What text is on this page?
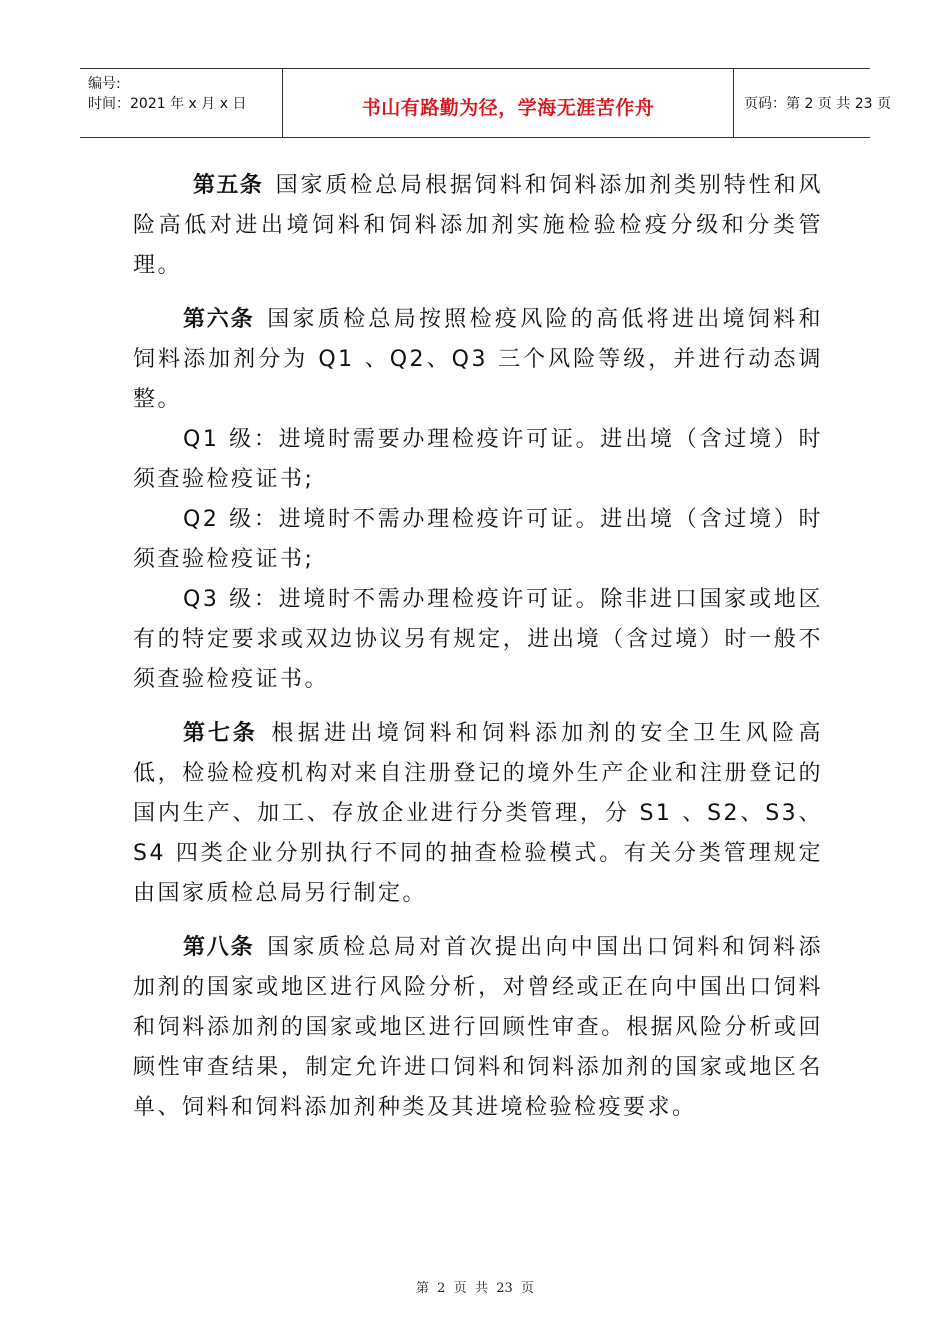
编号:
时间：2021 年 x 月 x 日	书山有路勤为径，学海无涯苦作舟	页码：第 2 页 共 23 页

第五条 国家质检总局根据饲料和饲料添加剂类别特性和风险高低对进出境饲料和饲料添加剂实施检验检疫分级和分类管理。

第六条 国家质检总局按照检疫风险的高低将进出境饲料和饲料添加剂分为 Q1 、Q2、Q3 三个风险等级，并进行动态调整。

Q1 级：进境时需要办理检疫许可证。进出境（含过境）时须查验检疫证书;

Q2 级：进境时不需办理检疫许可证。进出境（含过境）时须查验检疫证书;

Q3 级：进境时不需办理检疫许可证。除非进口国家或地区有的特定要求或双边协议另有规定，进出境（含过境）时一般不须查验检疫证书。

第七条 根据进出境饲料和饲料添加剂的安全卫生风险高低，检验检疫机构对来自注册登记的境外生产企业和注册登记的国内生产、加工、存放企业进行分类管理，分 S1 、S2、S3、S4 四类企业分别执行不同的抽查检验模式。有关分类管理规定由国家质检总局另行制定。

第八条 国家质检总局对首次提出向中国出口饲料和饲料添加剂的国家或地区进行风险分析，对曾经或正在向中国出口饲料和饲料添加剂的国家或地区进行回顾性审查。根据风险分析或回顾性审查结果，制定允许进口饲料和饲料添加剂的国家或地区名单、饲料和饲料添加剂种类及其进境检验检疫要求。

第  2  页  共  23  页
